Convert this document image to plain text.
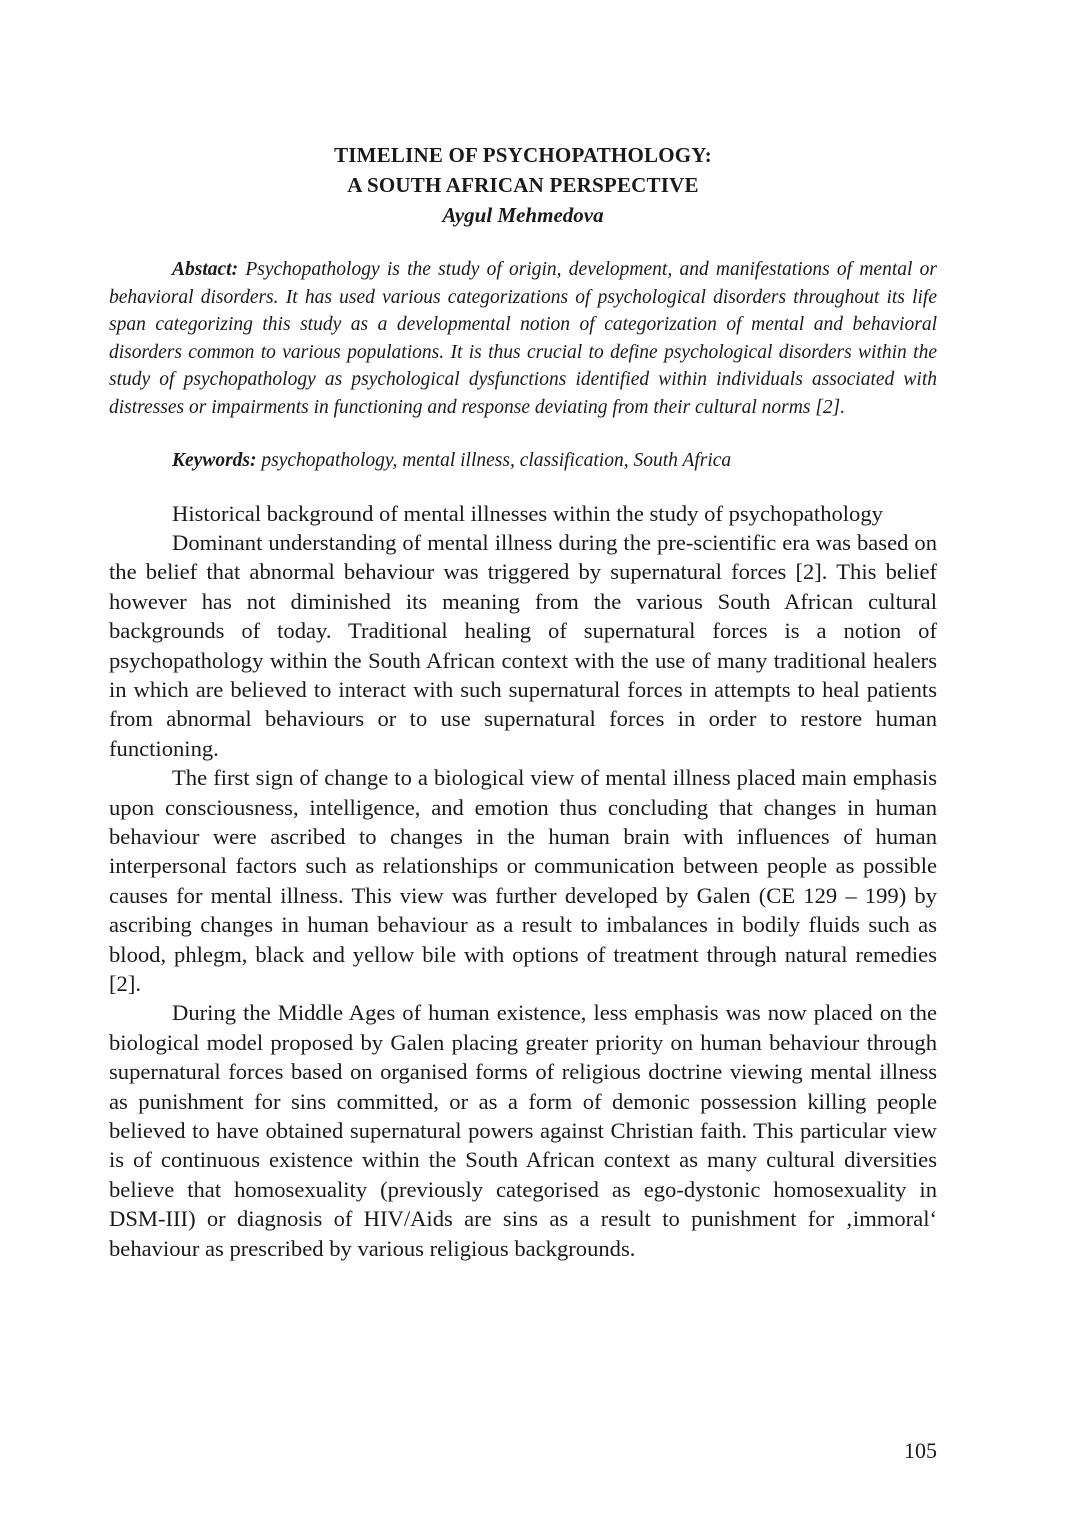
TIMELINE OF PSYCHOPATHOLOGY:

A SOUTH AFRICAN PERSPECTIVE

Aygul Mehmedova

Abstact: Psychopathology is the study of origin, development, and manifestations of mental or behavioral disorders. It has used various categorizations of psychological disorders throughout its life span categorizing this study as a developmental notion of categorization of mental and behavioral disorders common to various populations. It is thus crucial to define psychological disorders within the study of psychopathology as psychological dysfunctions identified within individuals associated with distresses or impairments in functioning and response deviating from their cultural norms [2].
Keywords: psychopathology, mental illness, classification, South Africa

Historical background of mental illnesses within the study of psychopathology

Dominant understanding of mental illness during the pre-scientific era was based on the belief that abnormal behaviour was triggered by supernatural forces [2]. This belief however has not diminished its meaning from the various South African cultural backgrounds of today. Traditional healing of supernatural forces is a notion of psychopathology within the South African context with the use of many traditional healers in which are believed to interact with such supernatural forces in attempts to heal patients from abnormal behaviours or to use supernatural forces in order to restore human functioning.

The first sign of change to a biological view of mental illness placed main emphasis upon consciousness, intelligence, and emotion thus concluding that changes in human behaviour were ascribed to changes in the human brain with influences of human interpersonal factors such as relationships or communication between people as possible causes for mental illness. This view was further developed by Galen (CE 129 – 199) by ascribing changes in human behaviour as a result to imbalances in bodily fluids such as blood, phlegm, black and yellow bile with options of treatment through natural remedies [2].

During the Middle Ages of human existence, less emphasis was now placed on the biological model proposed by Galen placing greater priority on human behaviour through supernatural forces based on organised forms of religious doctrine viewing mental illness as punishment for sins committed, or as a form of demonic possession killing people believed to have obtained supernatural powers against Christian faith. This particular view is of continuous existence within the South African context as many cultural diversities believe that homosexuality (previously categorised as ego-dystonic homosexuality in DSM-III) or diagnosis of HIV/Aids are sins as a result to punishment for ‚immoral‘ behaviour as prescribed by various religious backgrounds.

105
